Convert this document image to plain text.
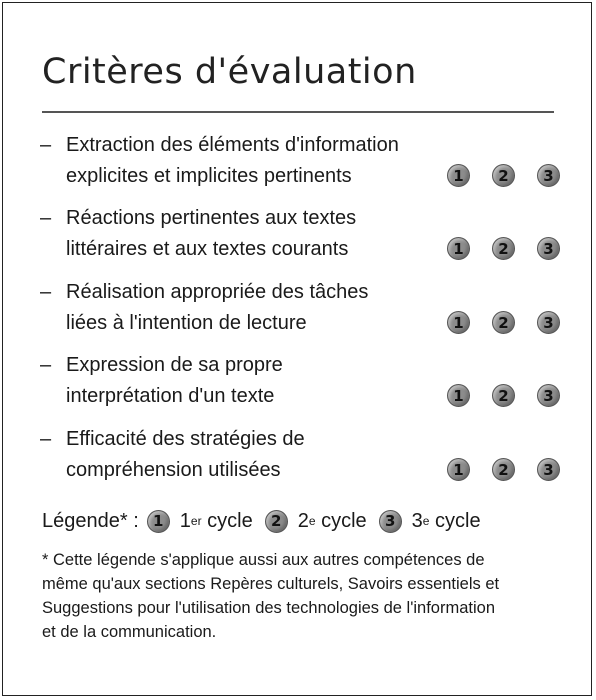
Critères d'évaluation
– Extraction des éléments d'information
explicites et implicites pertinents	1	2	3
– Réactions pertinentes aux textes
littéraires et aux textes courants	1	2	3
– Réalisation appropriée des tâches
liées à l'intention de lecture	1	2	3
– Expression de sa propre
interprétation d'un texte	1	2	3
– Efficacité des stratégies de
compréhension utilisées	1	2	3
Légende* : 1 1 er
cycle	2 2 e
cycle	3 3 e
cycle
* Cette légende s'applique aussi aux autres compétences de
même qu'aux sections Repères culturels, Savoirs essentiels et
Suggestions pour l'utilisation des technologies de l'information
et de la communication.
